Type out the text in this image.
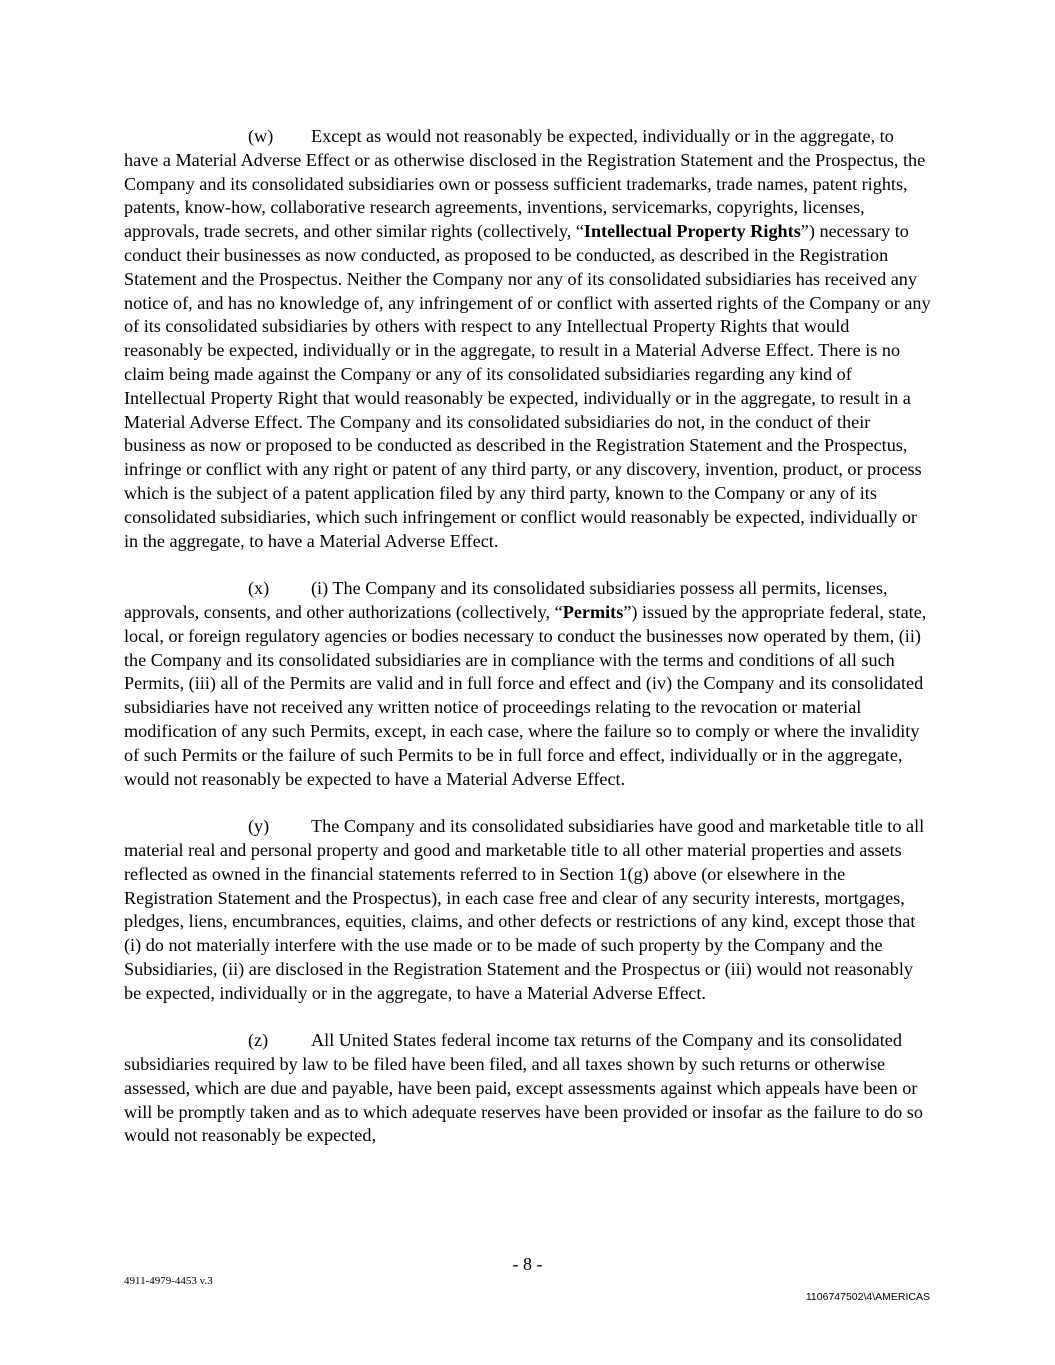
(w) Except as would not reasonably be expected, individually or in the aggregate, to have a Material Adverse Effect or as otherwise disclosed in the Registration Statement and the Prospectus, the Company and its consolidated subsidiaries own or possess sufficient trademarks, trade names, patent rights, patents, know-how, collaborative research agreements, inventions, servicemarks, copyrights, licenses, approvals, trade secrets, and other similar rights (collectively, “Intellectual Property Rights”) necessary to conduct their businesses as now conducted, as proposed to be conducted, as described in the Registration Statement and the Prospectus. Neither the Company nor any of its consolidated subsidiaries has received any notice of, and has no knowledge of, any infringement of or conflict with asserted rights of the Company or any of its consolidated subsidiaries by others with respect to any Intellectual Property Rights that would reasonably be expected, individually or in the aggregate, to result in a Material Adverse Effect. There is no claim being made against the Company or any of its consolidated subsidiaries regarding any kind of Intellectual Property Right that would reasonably be expected, individually or in the aggregate, to result in a Material Adverse Effect. The Company and its consolidated subsidiaries do not, in the conduct of their business as now or proposed to be conducted as described in the Registration Statement and the Prospectus, infringe or conflict with any right or patent of any third party, or any discovery, invention, product, or process which is the subject of a patent application filed by any third party, known to the Company or any of its consolidated subsidiaries, which such infringement or conflict would reasonably be expected, individually or in the aggregate, to have a Material Adverse Effect.

(x) (i) The Company and its consolidated subsidiaries possess all permits, licenses, approvals, consents, and other authorizations (collectively, “Permits”) issued by the appropriate federal, state, local, or foreign regulatory agencies or bodies necessary to conduct the businesses now operated by them, (ii) the Company and its consolidated subsidiaries are in compliance with the terms and conditions of all such Permits, (iii) all of the Permits are valid and in full force and effect and (iv) the Company and its consolidated subsidiaries have not received any written notice of proceedings relating to the revocation or material modification of any such Permits, except, in each case, where the failure so to comply or where the invalidity of such Permits or the failure of such Permits to be in full force and effect, individually or in the aggregate, would not reasonably be expected to have a Material Adverse Effect.

(y) The Company and its consolidated subsidiaries have good and marketable title to all material real and personal property and good and marketable title to all other material properties and assets reflected as owned in the financial statements referred to in Section 1(g) above (or elsewhere in the Registration Statement and the Prospectus), in each case free and clear of any security interests, mortgages, pledges, liens, encumbrances, equities, claims, and other defects or restrictions of any kind, except those that (i) do not materially interfere with the use made or to be made of such property by the Company and the Subsidiaries, (ii) are disclosed in the Registration Statement and the Prospectus or (iii) would not reasonably be expected, individually or in the aggregate, to have a Material Adverse Effect.

(z) All United States federal income tax returns of the Company and its consolidated subsidiaries required by law to be filed have been filed, and all taxes shown by such returns or otherwise assessed, which are due and payable, have been paid, except assessments against which appeals have been or will be promptly taken and as to which adequate reserves have been provided or insofar as the failure to do so would not reasonably be expected,

- 8 -
4911-4979-4453 v.3
1106747502\4\AMERICAS
